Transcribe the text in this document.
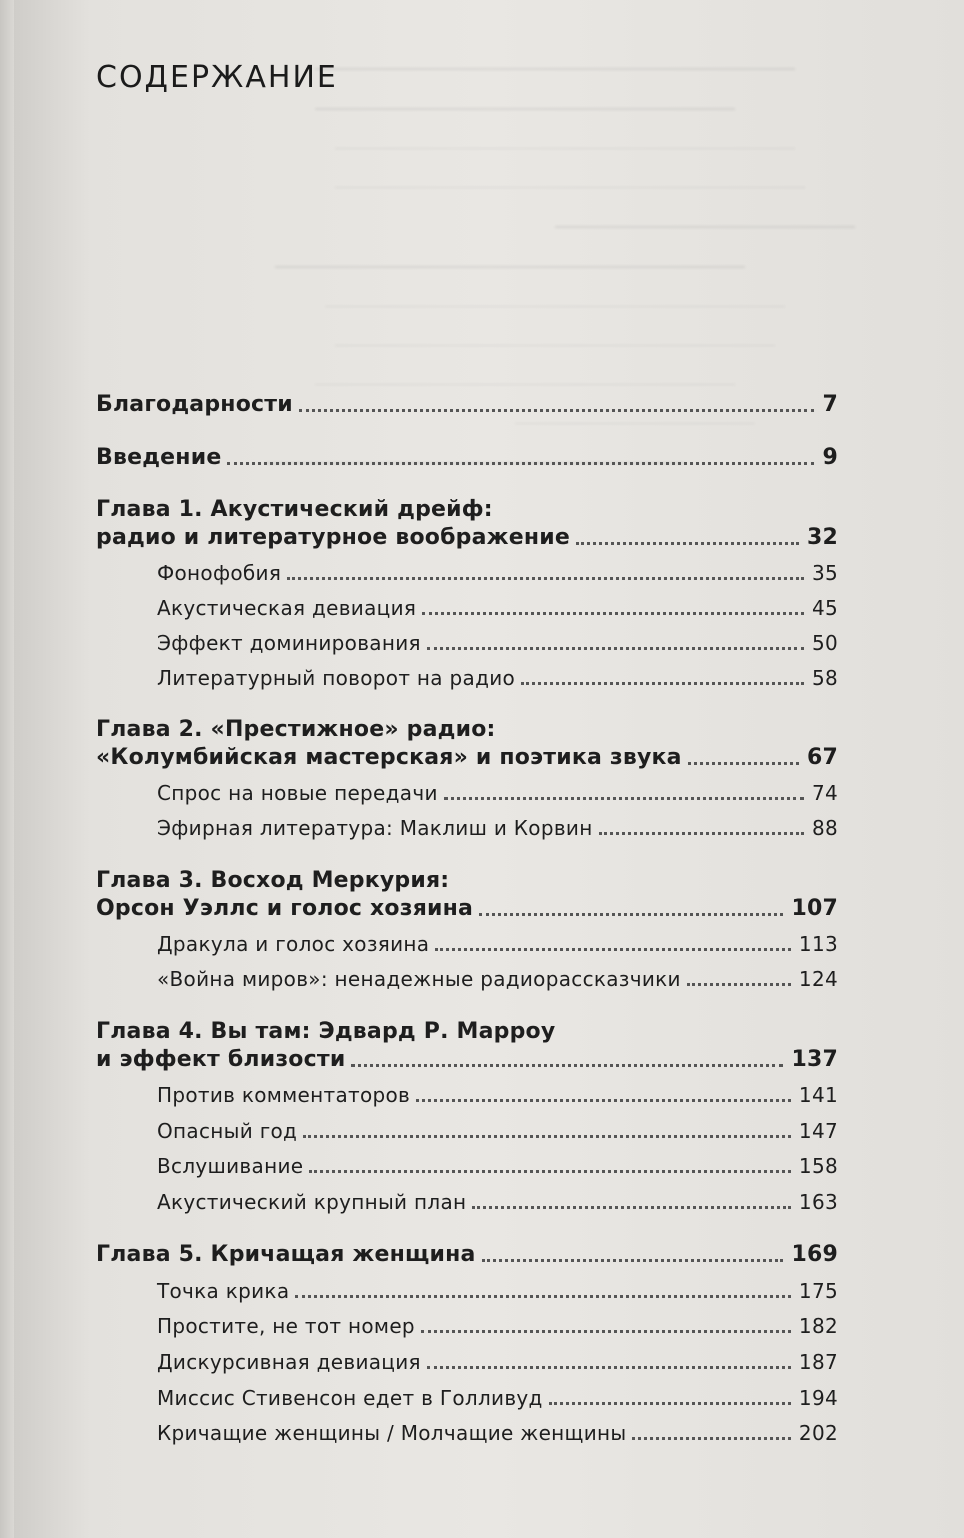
СОДЕРЖАНИЕ
Благодарности	7
Введение	9
Глава 1. Акустический дрейф:
радио и литературное воображение	32
Фонофобия	35
Акустическая девиация	45
Эффект доминирования	50
Литературный поворот на радио	58
Глава 2. «Престижное» радио:
«Колумбийская мастерская» и поэтика звука	67
Спрос на новые передачи	74
Эфирная литература: Маклиш и Корвин	88
Глава 3. Восход Меркурия:
Орсон Уэллс и голос хозяина	107
Дракула и голос хозяина	113
«Война миров»: ненадежные радиорассказчики	124
Глава 4. Вы там: Эдвард Р. Марроу
и эффект близости	137
Против комментаторов	141
Опасный год	147
Вслушивание	158
Акустический крупный план	163
Глава 5. Кричащая женщина	169
Точка крика	175
Простите, не тот номер	182
Дискурсивная девиация	187
Миссис Стивенсон едет в Голливуд	194
Кричащие женщины / Молчащие женщины	202
